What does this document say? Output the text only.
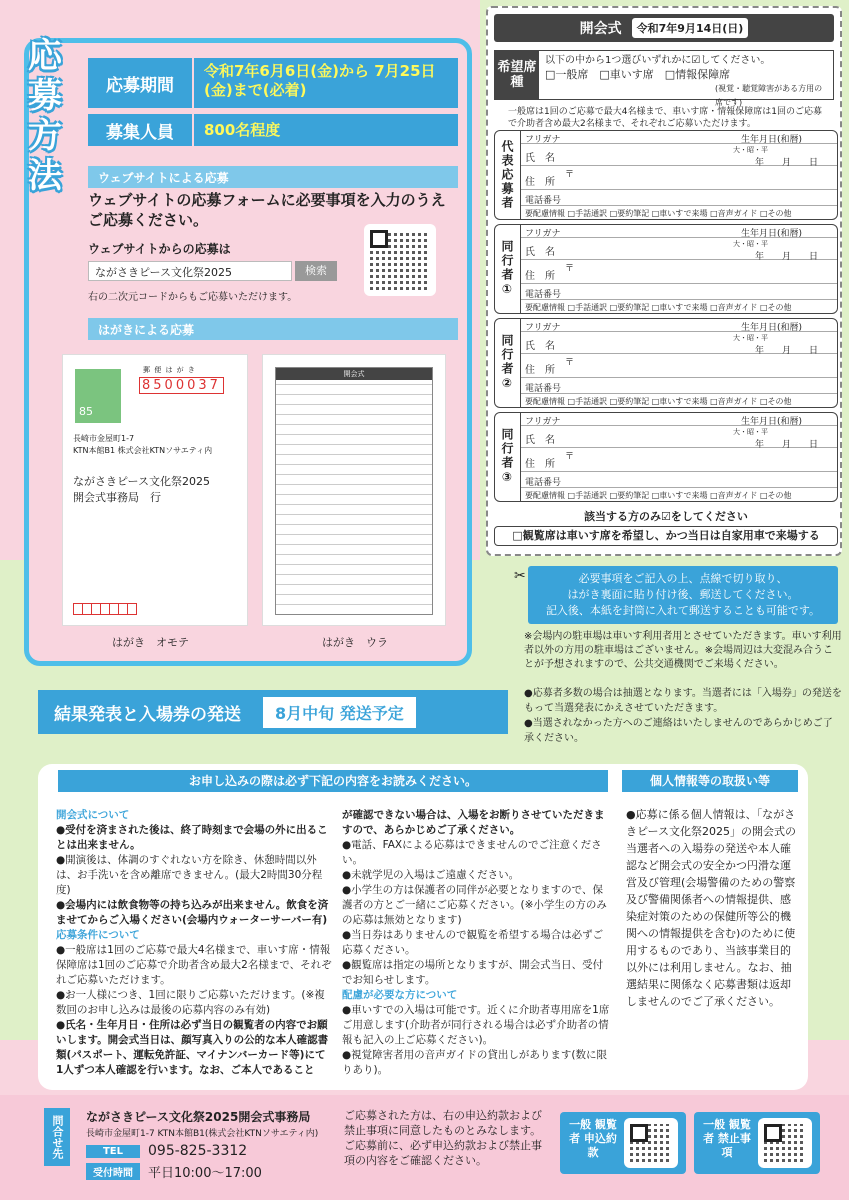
応募方法
応募期間
令和7年6月6日(金)から 7月25日(金)まで(必着)
募集人員	800名程度
ウェブサイトによる応募
ウェブサイトの応募フォームに必要事項を入力のうえご応募ください。
ウェブサイトからの応募は
ながさきピース文化祭2025	検索
右の二次元コードからもご応募いただけます。
はがきによる応募
85
郵 便 は が き
8500037
長崎市金屋町1-7
KTN本館B1 株式会社KTNソサエティ内
ながさきピース文化祭2025
開会式事務局　行
はがき　オモテ
開会式
はがき　ウラ
開会式	令和7年9月14日(日)
希望席種
以下の中から1つ選びいずれかに☑してください。
□一般席　□車いす席　□情報保障席
(視覚・聴覚障害がある方用の席です)
一般席は1回のご応募で最大4名様まで、車いす席・情報保障席は1回のご応募で介助者含め最大2名様まで、それぞれご応募いただけます。
代表応募者	フリガナ	生年月日(和暦)
氏　名
大・昭・平
年　　月　　日
住　所
〒
電話番号
要配慮情報 □手話通訳 □要約筆記 □車いすで来場 □音声ガイド □その他
同行者①
フリガナ	生年月日(和暦)
氏　名
大・昭・平
年　　月　　日
住　所
〒
電話番号
要配慮情報 □手話通訳 □要約筆記 □車いすで来場 □音声ガイド □その他
同行者②
フリガナ	生年月日(和暦)
氏　名
大・昭・平
年　　月　　日
住　所
〒
電話番号
要配慮情報 □手話通訳 □要約筆記 □車いすで来場 □音声ガイド □その他
同行者③
フリガナ	生年月日(和暦)
氏　名
大・昭・平
年　　月　　日
住　所
〒
電話番号
要配慮情報 □手話通訳 □要約筆記 □車いすで来場 □音声ガイド □その他
該当する方のみ☑をしてください
□観覧席は車いす席を希望し、かつ当日は自家用車で来場する
✂	必要事項をご記入の上、点線で切り取り、
はがき裏面に貼り付け後、郵送してください。
記入後、本紙を封筒に入れて郵送することも可能です。
※会場内の駐車場は車いす利用者用とさせていただきます。車いす利用者以外の方用の駐車場はございません。※会場周辺は大変混み合うことが予想されますので、公共交通機関でご来場ください。
●応募者多数の場合は抽選となります。当選者には「入場券」の発送をもって当選発表にかえさせていただきます。
●当選されなかった方へのご連絡はいたしませんのであらかじめご了承ください。
結果発表と入場券の発送	8月中旬 発送予定
お申し込みの際は必ず下記の内容をお読みください。	個人情報等の取扱い等

開会式について

●受付を済まされた後は、終了時刻まで会場の外に出ることは出来ません。

●開演後は、体調のすぐれない方を除き、休憩時間以外は、お手洗いを含め離席できません。(最大2時間30分程度)

●会場内には飲食物等の持ち込みが出来ません。飲食を済ませてからご入場ください(会場内ウォーターサーバー有)

応募条件について

●一般席は1回のご応募で最大4名様まで、車いす席・情報保障席は1回のご応募で介助者含め最大2名様まで、それぞれご応募いただけます。

●お一人様につき、1回に限りご応募いただけます。(※複数回のお申し込みは最後の応募内容のみ有効)

●氏名・生年月日・住所は必ず当日の観覧者の内容でお願いします。開会式当日は、顔写真入りの公的な本人確認書類(パスポート、運転免許証、マイナンバーカード等)にて1人ずつ本人確認を行います。なお、ご本人であること

が確認できない場合は、入場をお断りさせていただきますので、あらかじめご了承ください。

●電話、FAXによる応募はできませんのでご注意ください。

●未就学児の入場はご遠慮ください。

●小学生の方は保護者の同伴が必要となりますので、保護者の方とご一緒にご応募ください。(※小学生の方のみの応募は無効となります)

●当日券はありませんので観覧を希望する場合は必ずご応募ください。

●観覧席は指定の場所となりますが、開会式当日、受付でお知らせします。

配慮が必要な方について

●車いすでの入場は可能です。近くに介助者専用席を1席ご用意します(介助者が同行される場合は必ず介助者の情報も記入の上ご応募ください)。

●視覚障害者用の音声ガイドの貸出しがあります(数に限りあり)。

●応募に係る個人情報は、「ながさきピース文化祭2025」の開会式の当選者への入場券の発送や本人確認など開会式の安全かつ円滑な運営及び管理(会場警備のための警察及び警備関係者への情報提供、感染症対策のための保健所等公的機関への情報提供を含む)のために使用するものであり、当該事業目的以外には利用しません。なお、抽選結果に関係なく応募書類は返却しませんのでご了承ください。
問合せ先	ながさきピース文化祭2025開会式事務局
長崎市金屋町1-7 KTN本館B1(株式会社KTNソサエティ内)
TEL	095-825-3312
受付時間	平日10:00〜17:00
ご応募された方は、右の申込約款および禁止事項に同意したものとみなします。ご応募前に、必ず申込約款および禁止事項の内容をご確認ください。
一般 観覧者 申込約款
一般 観覧者 禁止事項
